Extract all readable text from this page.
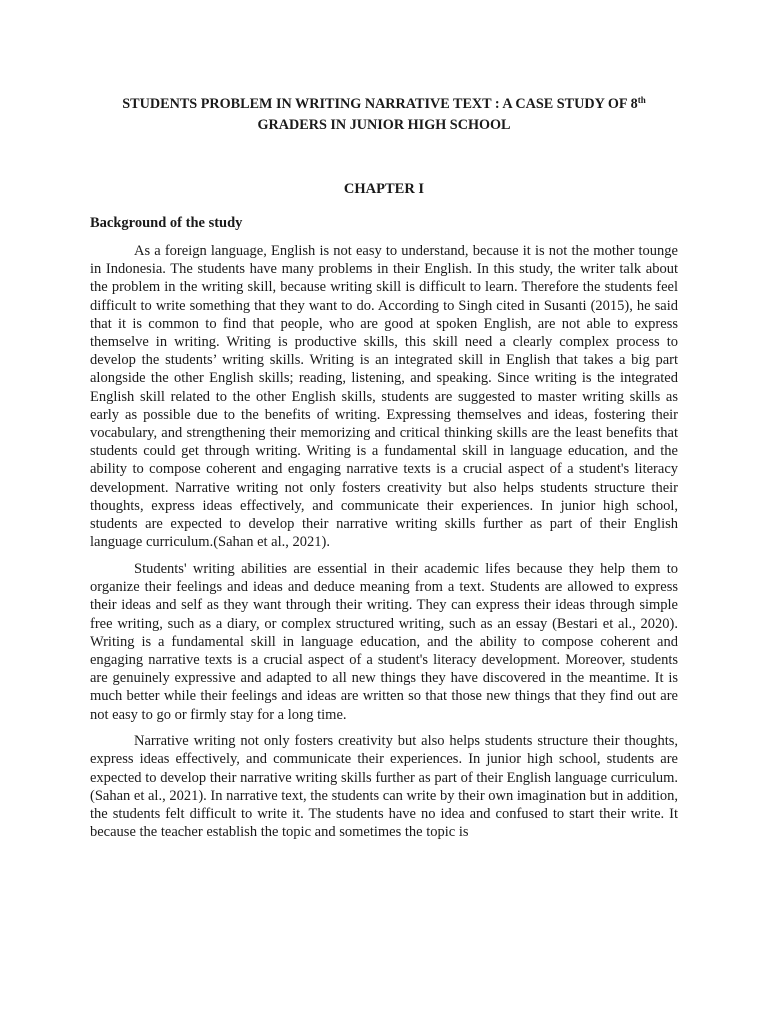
STUDENTS PROBLEM IN WRITING NARRATIVE TEXT : A CASE STUDY OF 8th
GRADERS IN JUNIOR HIGH SCHOOL
CHAPTER I
Background of the study

As a foreign language, English is not easy to understand, because it is not the mother tounge in Indonesia. The students have many problems in their English. In this study, the writer talk about the problem in the writing skill, because writing skill is difficult to learn. Therefore the students feel difficult to write something that they want to do. According to Singh cited in Susanti (2015), he said that it is common to find that people, who are good at spoken English, are not able to express themselve in writing. Writing is productive skills, this skill need a clearly complex process to develop the students’ writing skills. Writing is an integrated skill in English that takes a big part alongside the other English skills; reading, listening, and speaking. Since writing is the integrated English skill related to the other English skills, students are suggested to master writing skills as early as possible due to the benefits of writing. Expressing themselves and ideas, fostering their vocabulary, and strengthening their memorizing and critical thinking skills are the least benefits that students could get through writing. Writing is a fundamental skill in language education, and the ability to compose coherent and engaging narrative texts is a crucial aspect of a student's literacy development. Narrative writing not only fosters creativity but also helps students structure their thoughts, express ideas effectively, and communicate their experiences. In junior high school, students are expected to develop their narrative writing skills further as part of their English language curriculum.(Sahan et al., 2021).

Students' writing abilities are essential in their academic lifes because they help them to organize their feelings and ideas and deduce meaning from a text. Students are allowed to express their ideas and self as they want through their writing. They can express their ideas through simple free writing, such as a diary, or complex structured writing, such as an essay (Bestari et al., 2020). Writing is a fundamental skill in language education, and the ability to compose coherent and engaging narrative texts is a crucial aspect of a student's literacy development. Moreover, students are genuinely expressive and adapted to all new things they have discovered in the meantime. It is much better while their feelings and ideas are written so that those new things that they find out are not easy to go or firmly stay for a long time.

Narrative writing not only fosters creativity but also helps students structure their thoughts, express ideas effectively, and communicate their experiences. In junior high school, students are expected to develop their narrative writing skills further as part of their English language curriculum.(Sahan et al., 2021). In narrative text, the students can write by their own imagination but in addition, the students felt difficult to write it. The students have no idea and confused to start their write. It because the teacher establish the topic and sometimes the topic is
